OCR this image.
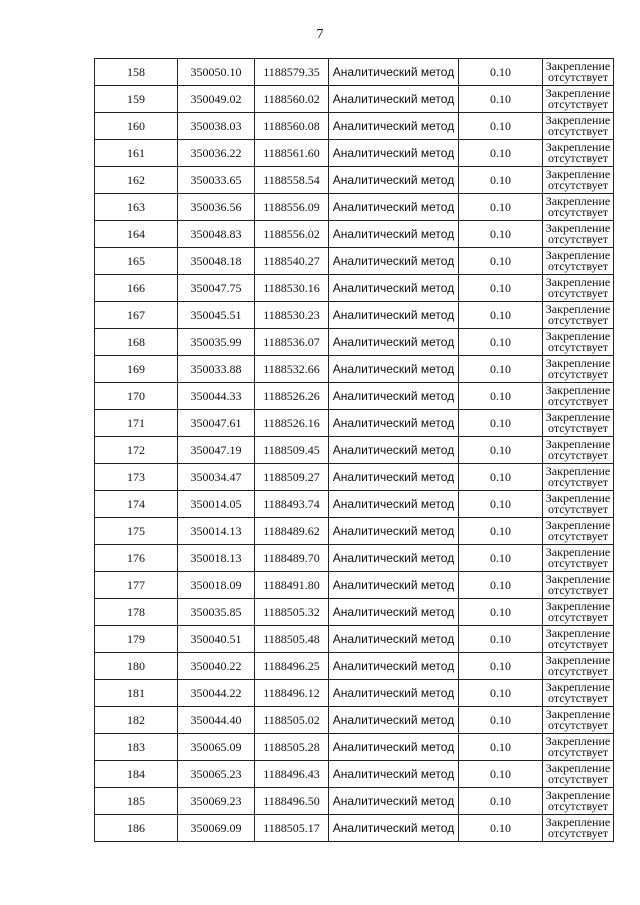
7
158	350050.10	1188579.35	Аналитический метод	0.10	Закрепление
отсутствует

159	350049.02	1188560.02	Аналитический метод	0.10	Закрепление
отсутствует

160	350038.03	1188560.08	Аналитический метод	0.10	Закрепление
отсутствует

161	350036.22	1188561.60	Аналитический метод	0.10	Закрепление
отсутствует

162	350033.65	1188558.54	Аналитический метод	0.10	Закрепление
отсутствует

163	350036.56	1188556.09	Аналитический метод	0.10	Закрепление
отсутствует

164	350048.83	1188556.02	Аналитический метод	0.10	Закрепление
отсутствует

165	350048.18	1188540.27	Аналитический метод	0.10	Закрепление
отсутствует

166	350047.75	1188530.16	Аналитический метод	0.10	Закрепление
отсутствует

167	350045.51	1188530.23	Аналитический метод	0.10	Закрепление
отсутствует

168	350035.99	1188536.07	Аналитический метод	0.10	Закрепление
отсутствует

169	350033.88	1188532.66	Аналитический метод	0.10	Закрепление
отсутствует

170	350044.33	1188526.26	Аналитический метод	0.10	Закрепление
отсутствует

171	350047.61	1188526.16	Аналитический метод	0.10	Закрепление
отсутствует

172	350047.19	1188509.45	Аналитический метод	0.10	Закрепление
отсутствует

173	350034.47	1188509.27	Аналитический метод	0.10	Закрепление
отсутствует

174	350014.05	1188493.74	Аналитический метод	0.10	Закрепление
отсутствует

175	350014.13	1188489.62	Аналитический метод	0.10	Закрепление
отсутствует

176	350018.13	1188489.70	Аналитический метод	0.10	Закрепление
отсутствует

177	350018.09	1188491.80	Аналитический метод	0.10	Закрепление
отсутствует

178	350035.85	1188505.32	Аналитический метод	0.10	Закрепление
отсутствует

179	350040.51	1188505.48	Аналитический метод	0.10	Закрепление
отсутствует

180	350040.22	1188496.25	Аналитический метод	0.10	Закрепление
отсутствует

181	350044.22	1188496.12	Аналитический метод	0.10	Закрепление
отсутствует

182	350044.40	1188505.02	Аналитический метод	0.10	Закрепление
отсутствует

183	350065.09	1188505.28	Аналитический метод	0.10	Закрепление
отсутствует

184	350065.23	1188496.43	Аналитический метод	0.10	Закрепление
отсутствует

185	350069.23	1188496.50	Аналитический метод	0.10	Закрепление
отсутствует

186	350069.09	1188505.17	Аналитический метод	0.10	Закрепление
отсутствует
